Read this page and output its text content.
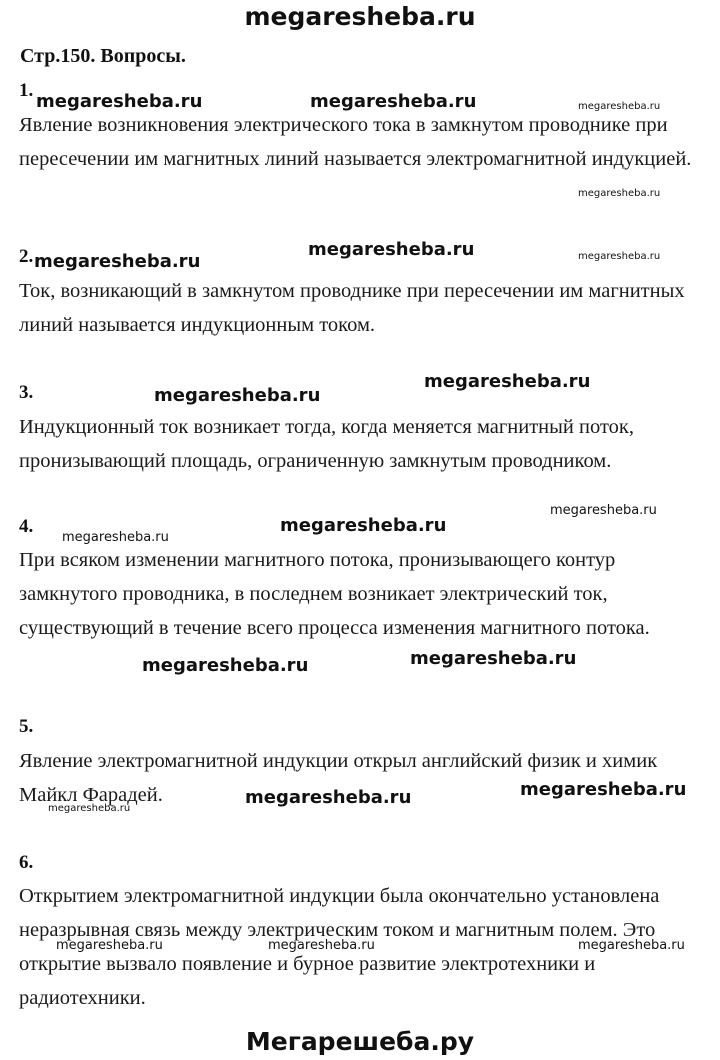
megaresheba.ru
Стр.150. Вопросы.
1.
Явление возникновения электрического тока в замкнутом проводнике при пересечении им магнитных линий называется электромагнитной индукцией.
2.
Ток, возникающий в замкнутом проводнике при пересечении им магнитных линий называется индукционным током.
3.
Индукционный ток возникает тогда, когда меняется магнитный поток, пронизывающий площадь, ограниченную замкнутым проводником.
4.
При всяком изменении магнитного потока, пронизывающего контур замкнутого проводника, в последнем возникает электрический ток, существующий в течение всего процесса изменения магнитного потока.
5.
Явление электромагнитной индукции открыл английский физик и химик Майкл Фарадей.
6.
Открытием электромагнитной индукции была окончательно установлена неразрывная связь между электрическим током и магнитным полем. Это открытие вызвало появление и бурное развитие электротехники и радиотехники.
megaresheba.ru	megaresheba.ru	megaresheba.ru
megaresheba.ru
megaresheba.ru
megaresheba.ru	megaresheba.ru
megaresheba.ru
megaresheba.ru
megaresheba.ru
megaresheba.ru
megaresheba.ru
megaresheba.ru
megaresheba.ru
megaresheba.ru
megaresheba.ru
megaresheba.ru
megaresheba.ru	megaresheba.ru	megaresheba.ru
Мегарешеба.ру
